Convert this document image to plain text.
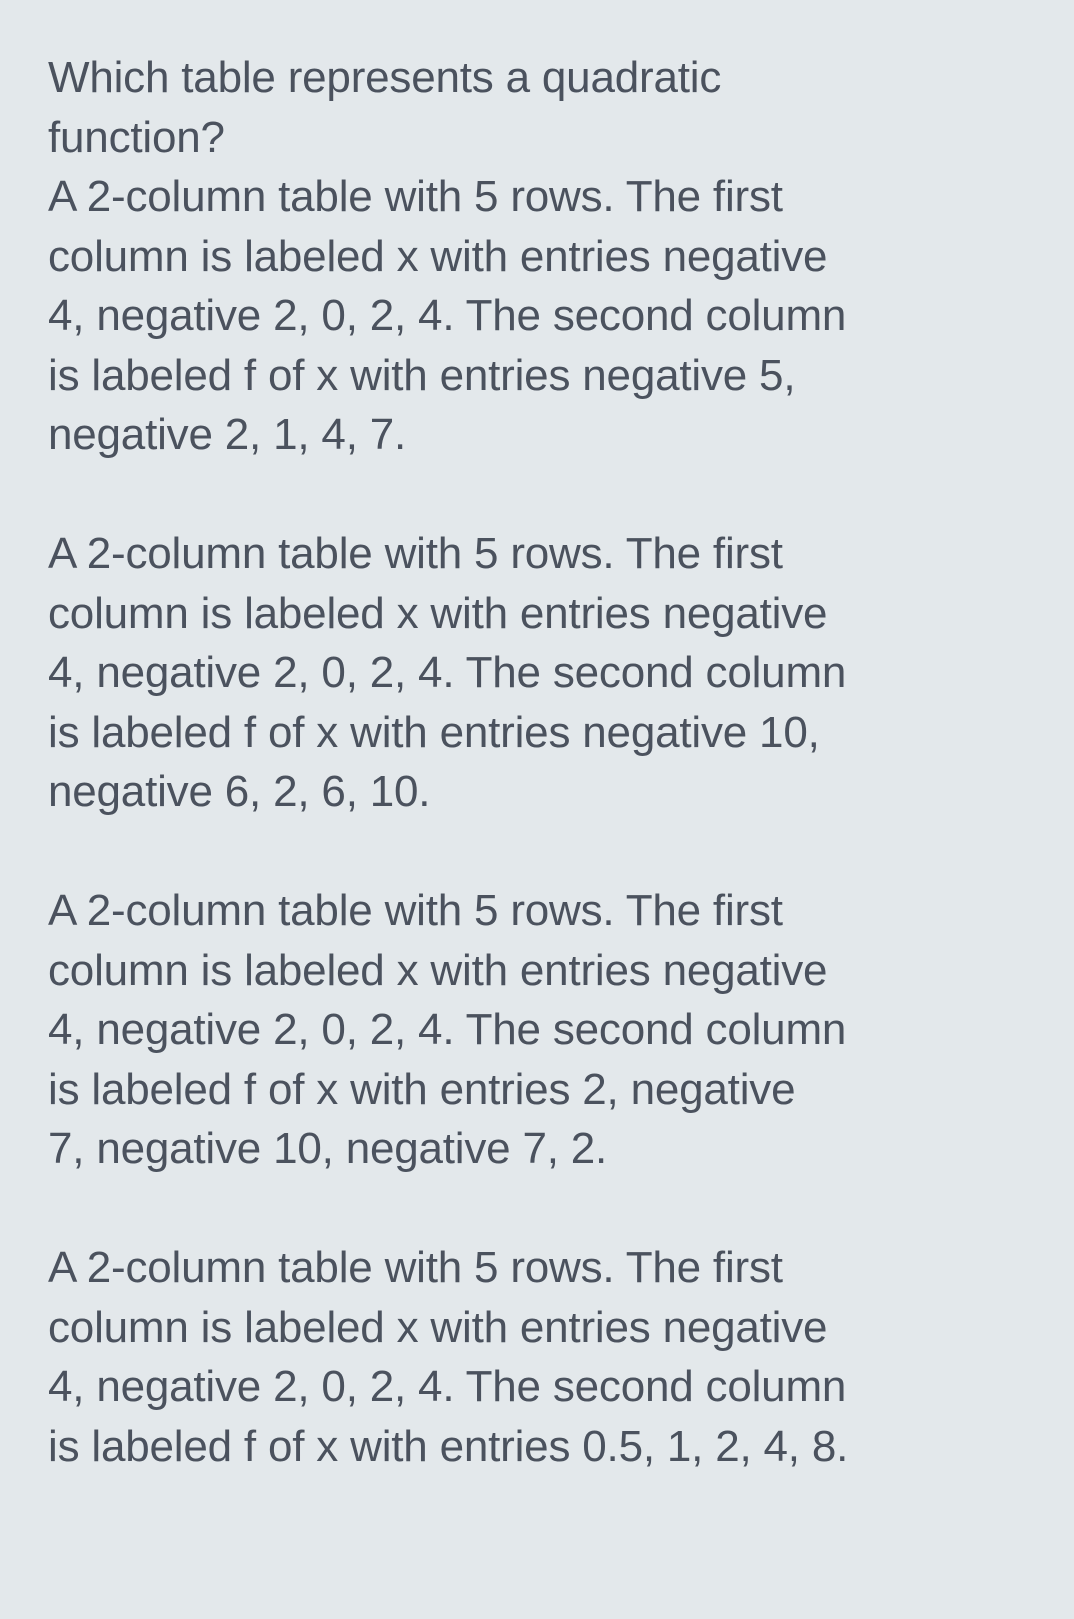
Which table represents a quadratic
function?

A 2-column table with 5 rows. The first
column is labeled x with entries negative
4, negative 2, 0, 2, 4. The second column
is labeled f of x with entries negative 5,
negative 2, 1, 4, 7.

A 2-column table with 5 rows. The first
column is labeled x with entries negative
4, negative 2, 0, 2, 4. The second column
is labeled f of x with entries negative 10,
negative 6, 2, 6, 10.

A 2-column table with 5 rows. The first
column is labeled x with entries negative
4, negative 2, 0, 2, 4. The second column
is labeled f of x with entries 2, negative
7, negative 10, negative 7, 2.

A 2-column table with 5 rows. The first
column is labeled x with entries negative
4, negative 2, 0, 2, 4. The second column
is labeled f of x with entries 0.5, 1, 2, 4, 8.
